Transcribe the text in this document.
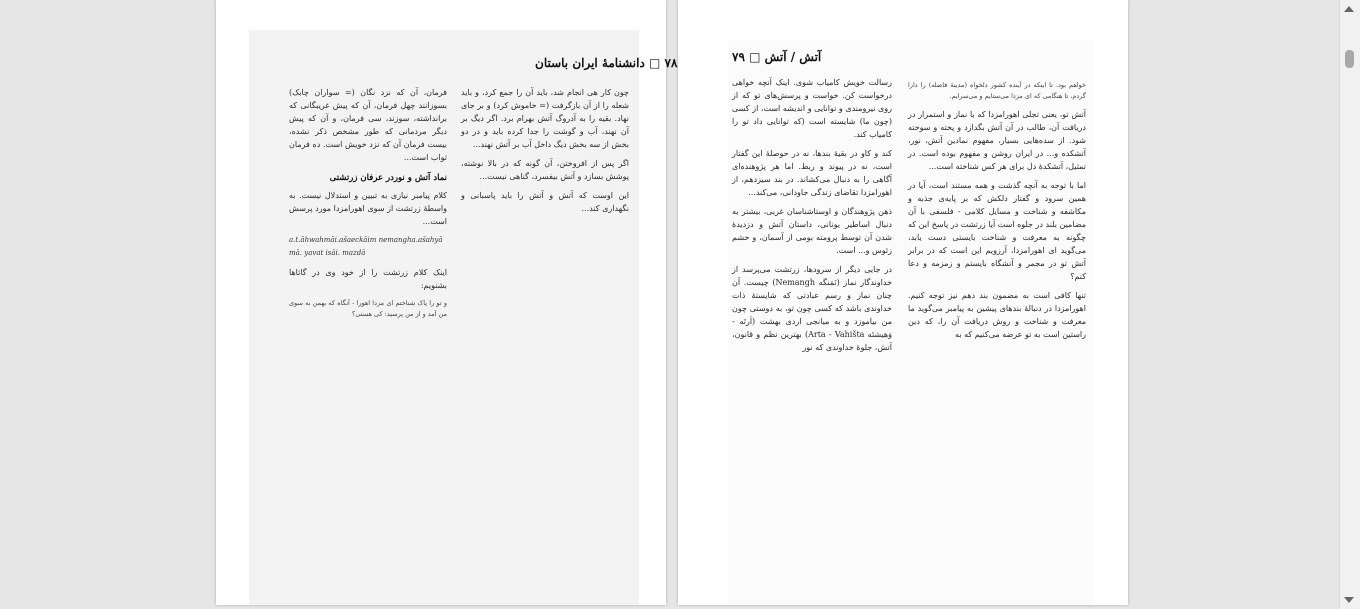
۷۸ □ دانشنامهٔ ایران باستان

چون کار هی انجام شد، باید آن را جمع کرد، و باید شعله را از آن بازگرفت (= خاموش کرد) و بر جای نهاد. بقیه را به آدروگ آتش بهرام برد. اگر دیگ بر آن نهند، آب و گوشت را جدا کرده باید و در دو بخش از سه بخش دیگ داخل آب بر آتش نهند...

اگر پس از افروختن، آن گونه که در بالا نوشته، پوشش بسازد و آتش بیفسرد، گناهی نیست...

این اوست که آتش و آتش را باید پاسبانی و نگهداری کند...

فرمان، آن که نزد نگان (= سواران چابک) بسوزانند چهل فرمان، آن که پیش غریبگانی که برانداشته، سوزند، سی فرمان، و آن که پیش دیگر مردمانی که طور مشخص ذکر نشده، بیست فرمان آن که نزد خویش است. ده فرمان ثواب است...

نماد آتش و نوردر عرفان زرتشتی

کلام پیامبر نیازی به تبیین و استدلال نیست. به واسطهٔ زرتشت از سوی اهورامزدا مورد پرسش است...

a.t.āhwahmāi.ašaeckāim nemangha.ašahyā mā. yavat isāi. mazdā

اینک کلام زرتشت را از خود وی در گاثاها بشنویم:

و تو را پاک شناختم ای مزدا اهورا - آنگاه که بهمن به سوی من آمد و از من پرسید: کی هستی؟

آتش / آتش □ ۷۹

خواهم بود. تا اینکه در آینده کشور دلخواه (مدینهٔ فاضله) را دارا گردم، تا هنگامی که ای مزدا می‌ستایم و می‌سرایم.

آتش تو، یعنی تجلی اهورامزدا که با نماز و استمرار در دریافت آن، طالب در آن آتش بگدازد و پخته و سوخته شود. از سده‌هایی بسیار، مفهوم نمادین آتش، نور، آتشکده و... در ایران روشن و مفهوم بوده است. در تمثیل، آتشکدهٔ دل برای هر کس شناخته است...

اما با توجه به آنچه گذشت و همه مستند است، آیا در همین سرود و گفتار دلکش که بر پایه‌ی جذبه و مکاشفه و شناخت و مسایل کلامی - فلسفی با آن مضامین بلند در جلوه است آیا زرتشت در پاسخ این که چگونه به معرفت و شناخت بایستی دست یابد، می‌گوید ای اهورامزدا، آرزویم این است که در برابر آتش تو در مجمر و آتشگاه بایستم و زمزمه و دعا کنم؟

تنها کافی است به مضمون بند دهم نیز توجه کنیم. اهورامزدا در دنبالهٔ بندهای پیشین به پیامبر می‌گوید ما معرفت و شناخت و روش دریافت آن را، که دین راستین است به تو عرضه می‌کنیم که به

رسالت خویش کامیاب شوی. اینک آنچه خواهی درخواست کن. خواست و پرسش‌های تو که از روی نیرومندی و توانایی و اندیشه است، از کسی (چون ما) شایسته است (که توانایی داد تو را کامیاب کند.

کند و کاو در بقیهٔ بندها، نه در حوصلهٔ این گفتار است، نه در پیوند و ربط. اما هر پژوهنده‌ای آگاهی را به دنبال می‌کشاند. در بند سیزدهم، از اهورامزدا تقاضای زندگی جاودانی، می‌کند...

ذهن پژوهندگان و اوستاشناسان غربی، بیشتر به دنبال اساطیر یونانی، داستان آتش و دزدیدهٔ شدن آن توسط پرومته بومی از آسمان، و خشم زئوس و... است.

در جایی دیگر از سرودها، زرتشت می‌پرسد از خداوندگار نماز (نَمَنگه Nemangh) چیست. آن چنان نماز و رسم عبادتی که شایستهٔ ذات خداوندی باشد که کسی چون تو، به دوستی چون من بیاموزد و به میانجی اردی بهشت (اَرتَه - وَهیشتَه Arta - Vahišta) بهترین نظم و قانون، آتش، جلوهٔ خداوندی که نور
